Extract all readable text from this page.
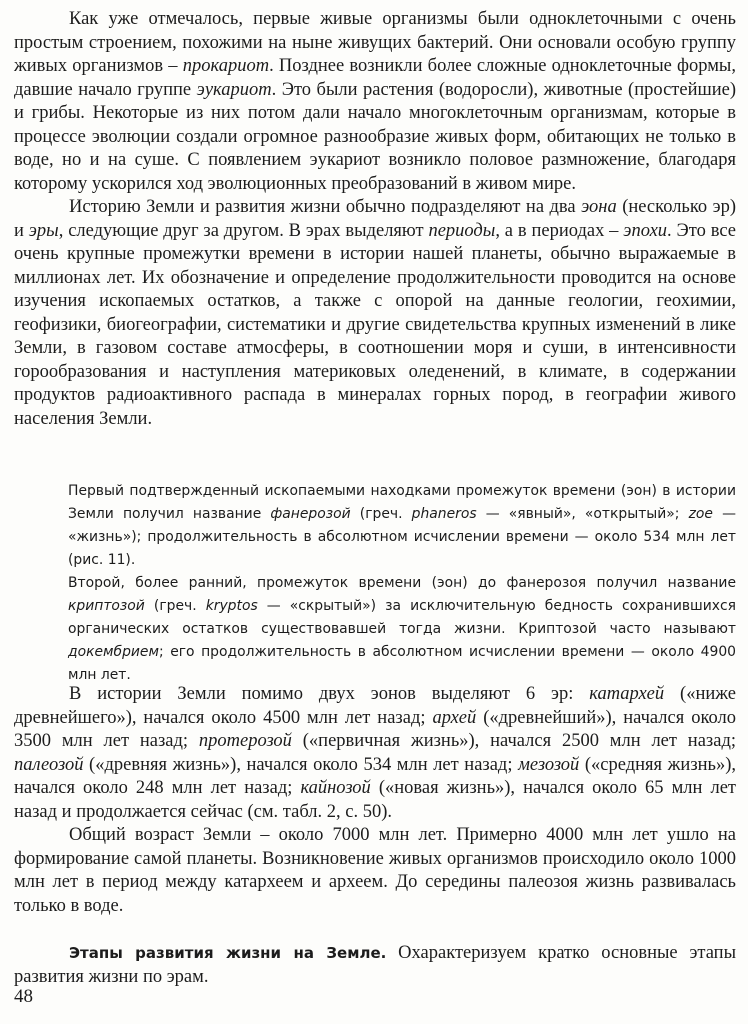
Как уже отмечалось, первые живые организмы были одноклеточными с очень простым строением, похожими на ныне живущих бактерий. Они основали особую группу живых организмов – прокариот. Позднее возникли более сложные одноклеточные формы, давшие начало группе эукариот. Это были растения (водоросли), животные (простейшие) и грибы. Некоторые из них потом дали начало многоклеточным организмам, которые в процессе эволюции создали огромное разнообразие живых форм, обитающих не только в воде, но и на суше. С появлением эукариот возникло половое размножение, благодаря которому ускорился ход эволюционных преобразований в живом мире.

Историю Земли и развития жизни обычно подразделяют на два эона (несколько эр) и эры, следующие друг за другом. В эрах выделяют периоды, а в периодах – эпохи. Это все очень крупные промежутки времени в истории нашей планеты, обычно выражаемые в миллионах лет. Их обозначение и определение продолжительности проводится на основе изучения ископаемых остатков, а также с опорой на данные геологии, геохимии, геофизики, биогеографии, систематики и другие свидетельства крупных изменений в лике Земли, в газовом составе атмосферы, в соотношении моря и суши, в интенсивности горообразования и наступления материковых оледенений, в климате, в содержании продуктов радиоактивного распада в минералах горных пород, в географии живого населения Земли.

Первый подтвержденный ископаемыми находками промежуток времени (эон) в истории Земли получил название фанерозой (греч. phaneros — «явный», «открытый»; zoe — «жизнь»); продолжительность в абсолютном исчислении времени — около 534 млн лет (рис. 11).

Второй, более ранний, промежуток времени (эон) до фанерозоя получил название криптозой (греч. kryptos — «скрытый») за исключительную бедность сохранившихся органических остатков существовавшей тогда жизни. Криптозой часто называют докембрием; его продолжительность в абсолютном исчислении времени — около 4900 млн лет.

В истории Земли помимо двух эонов выделяют 6 эр: катархей («ниже древнейшего»), начался около 4500 млн лет назад; архей («древнейший»), начался около 3500 млн лет назад; протерозой («первичная жизнь»), начался 2500 млн лет назад; палеозой («древняя жизнь»), начался около 534 млн лет назад; мезозой («средняя жизнь»), начался около 248 млн лет назад; кайнозой («новая жизнь»), начался около 65 млн лет назад и продолжается сейчас (см. табл. 2, с. 50).

Общий возраст Земли – около 7000 млн лет. Примерно 4000 млн лет ушло на формирование самой планеты. Возникновение живых организмов происходило около 1000 млн лет в период между катархеем и археем. До середины палеозоя жизнь развивалась только в воде.

Этапы развития жизни на Земле. Охарактеризуем кратко основные этапы развития жизни по эрам.

48
